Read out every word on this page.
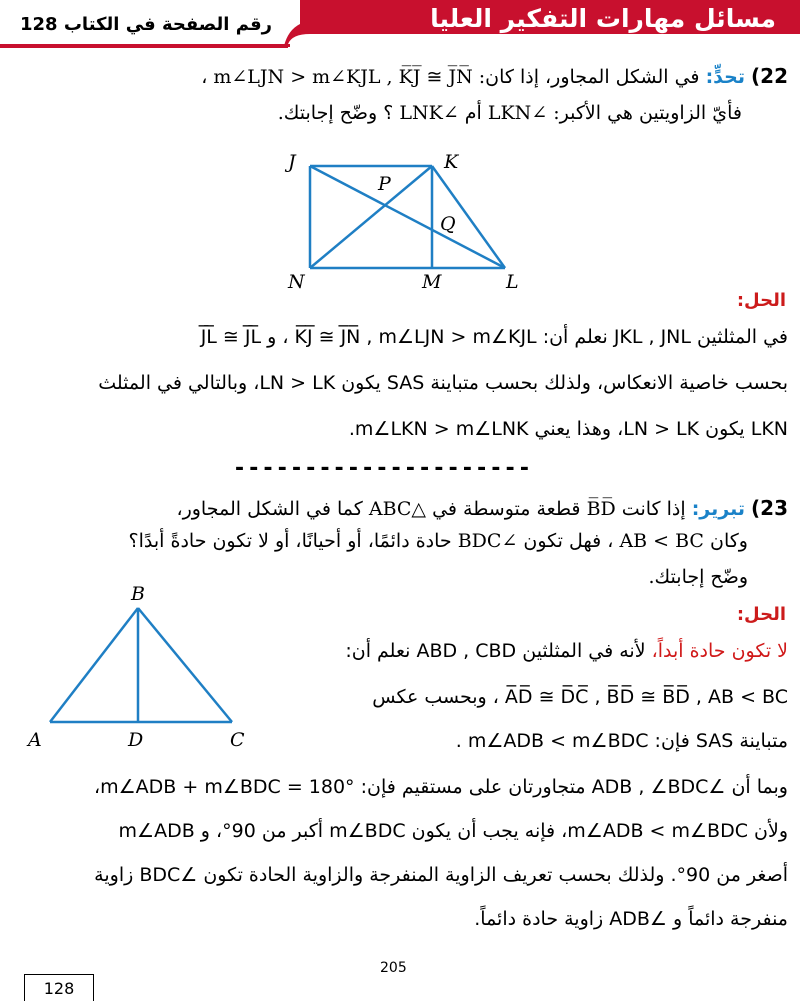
مسائل مهارات التفكير العليا
رقم الصفحة في الكتاب 128
22) تحدٍّ: في الشكل المجاور، إذا كان: m∠LJN > m∠KJL , K̅J̅ ≅ J̅N̅ ،
فأيّ الزاويتين هي الأكبر: ∠LKN أم ∠LNK ؟ وضّح إجابتك.
J	K
P
Q
N	M	L
الحل:
في المثلثين JKL , JNL نعلم أن: K̅J̅ ≅ J̅N̅ , m∠LJN > m∠KJL ، و J̅L̅ ≅ J̅L̅
بحسب خاصية الانعكاس، ولذلك بحسب متباينة SAS يكون LN > LK، وبالتالي في المثلث
LKN يكون LN > LK، وهذا يعني m∠LKN > m∠LNK.
---------------------
23) تبرير: إذا كانت B̅D̅ قطعة متوسطة في △ABC كما في الشكل المجاور،
وكان AB < BC ، فهل تكون ∠BDC حادة دائمًا، أو أحيانًا، أو لا تكون حادةً أبدًا؟
وضّح إجابتك.
B
A	D	C
الحل:
لا تكون حادة أبداً، لأنه في المثلثين ABD , CBD نعلم أن:
A̅D̅ ≅ D̅C̅ , B̅D̅ ≅ B̅D̅ , AB < BC ، وبحسب عكس
متباينة SAS فإن: m∠ADB < m∠BDC .
وبما أن ∠ADB , ∠BDC متجاورتان على مستقيم فإن: m∠ADB + m∠BDC = 180°،
ولأن m∠ADB < m∠BDC، فإنه يجب أن يكون m∠BDC أكبر من 90°، و m∠ADB
أصغر من 90°. ولذلك بحسب تعريف الزاوية المنفرجة والزاوية الحادة تكون ∠BDC زاوية
منفرجة دائماً و ∠ADB زاوية حادة دائماً.
205
128
